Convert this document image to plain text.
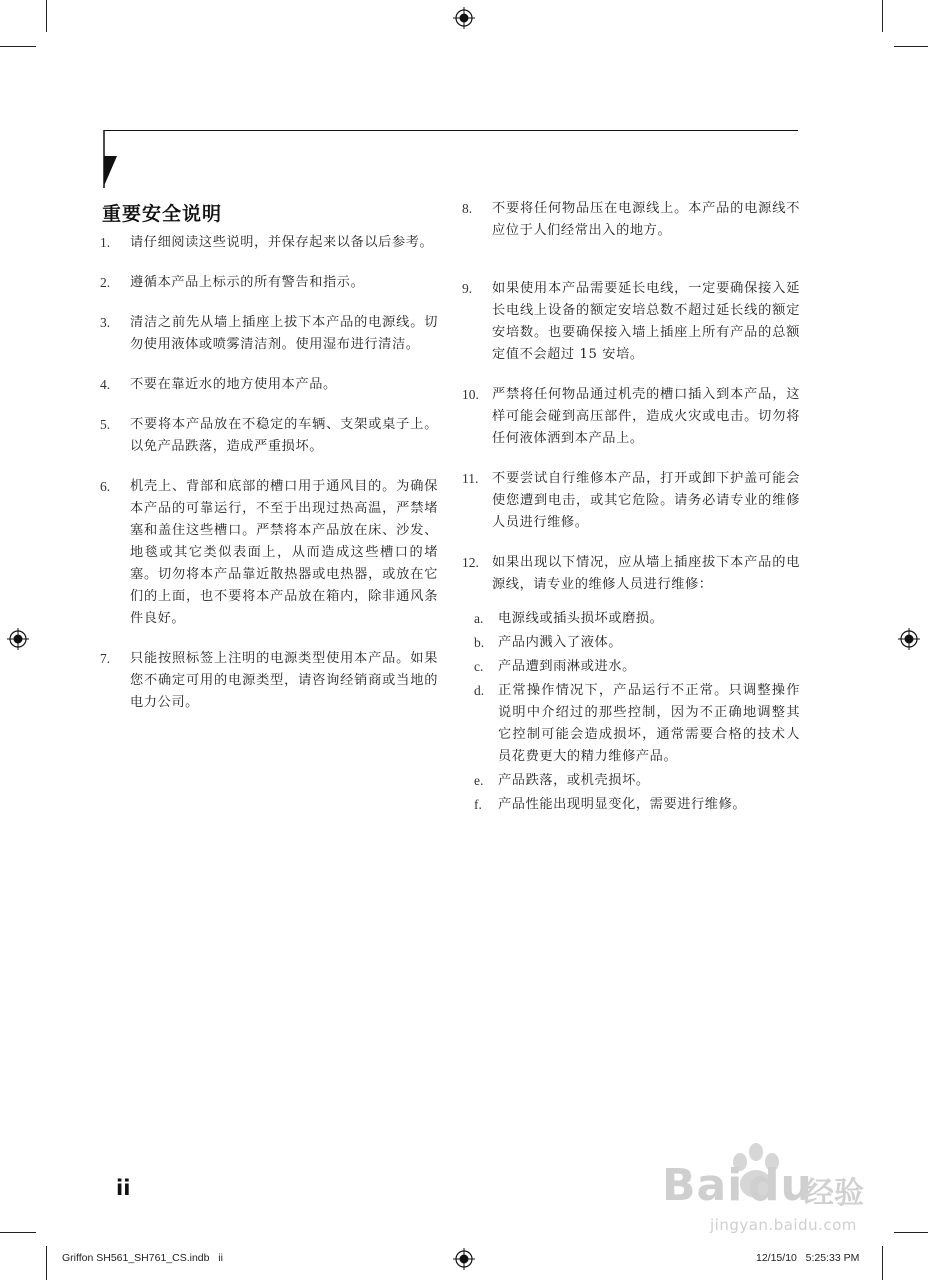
重要安全说明
1.	请仔细阅读这些说明，并保存起来以备以后参考。
2.	遵循本产品上标示的所有警告和指示。
3.	清洁之前先从墙上插座上拔下本产品的电源线。切勿使用液体或喷雾清洁剂。使用湿布进行清洁。
4.	不要在靠近水的地方使用本产品。
5.	不要将本产品放在不稳定的车辆、支架或桌子上。以免产品跌落，造成严重损坏。
6.	机壳上、背部和底部的槽口用于通风目的。为确保本产品的可靠运行，不至于出现过热高温，严禁堵塞和盖住这些槽口。严禁将本产品放在床、沙发、地毯或其它类似表面上，从而造成这些槽口的堵塞。切勿将本产品靠近散热器或电热器，或放在它们的上面，也不要将本产品放在箱内，除非通风条件良好。
7.	只能按照标签上注明的电源类型使用本产品。如果您不确定可用的电源类型，请咨询经销商或当地的电力公司。
8.	不要将任何物品压在电源线上。本产品的电源线不应位于人们经常出入的地方。
9.	如果使用本产品需要延长电线，一定要确保接入延长电线上设备的额定安培总数不超过延长线的额定安培数。也要确保接入墙上插座上所有产品的总额定值不会超过 15 安培。
10. 严禁将任何物品通过机壳的槽口插入到本产品，这样可能会碰到高压部件，造成火灾或电击。切勿将任何液体洒到本产品上。
11.	不要尝试自行维修本产品，打开或卸下护盖可能会使您遭到电击，或其它危险。请务必请专业的维修人员进行维修。
12. 如果出现以下情况，应从墙上插座拔下本产品的电源线，请专业的维修人员进行维修：
a.	电源线或插头损坏或磨损。
b.	产品内溅入了液体。
c.	产品遭到雨淋或进水。
d.	正常操作情况下，产品运行不正常。只调整操作说明中介绍过的那些控制，因为不正确地调整其它控制可能会造成损坏，通常需要合格的技术人员花费更大的精力维修产品。
e.	产品跌落，或机壳损坏。
f.	产品性能出现明显变化，需要进行维修。
ii	Bai du
经验
jingyan.baidu.com
Griffon SH561_SH761_CS.indb   ii	12/15/10   5:25:33 PM
